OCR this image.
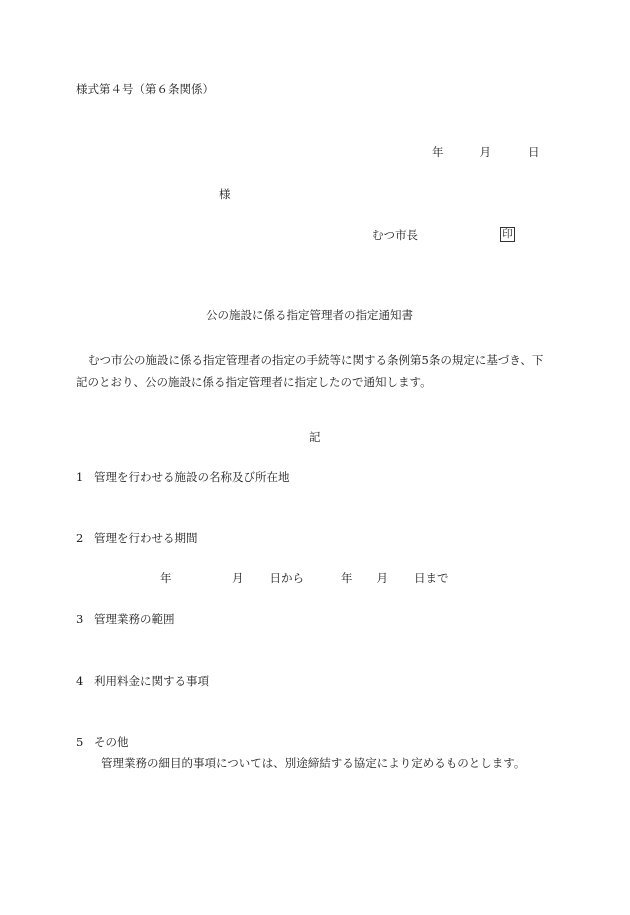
様式第４号（第６条関係）
年	月	日
様
むつ市長	印
公の施設に係る指定管理者の指定通知書
むつ市公の施設に係る指定管理者の指定の手続等に関する条例第5条の規定に基づき、下記のとおり、公の施設に係る指定管理者に指定したので通知します。
記
1 管理を行わせる施設の名称及び所在地
2 管理を行わせる期間
年	月 日から	年 月 日まで
3 管理業務の範囲
4 利用料金に関する事項
5 その他
管理業務の細目的事項については、別途締結する協定により定めるものとします。
